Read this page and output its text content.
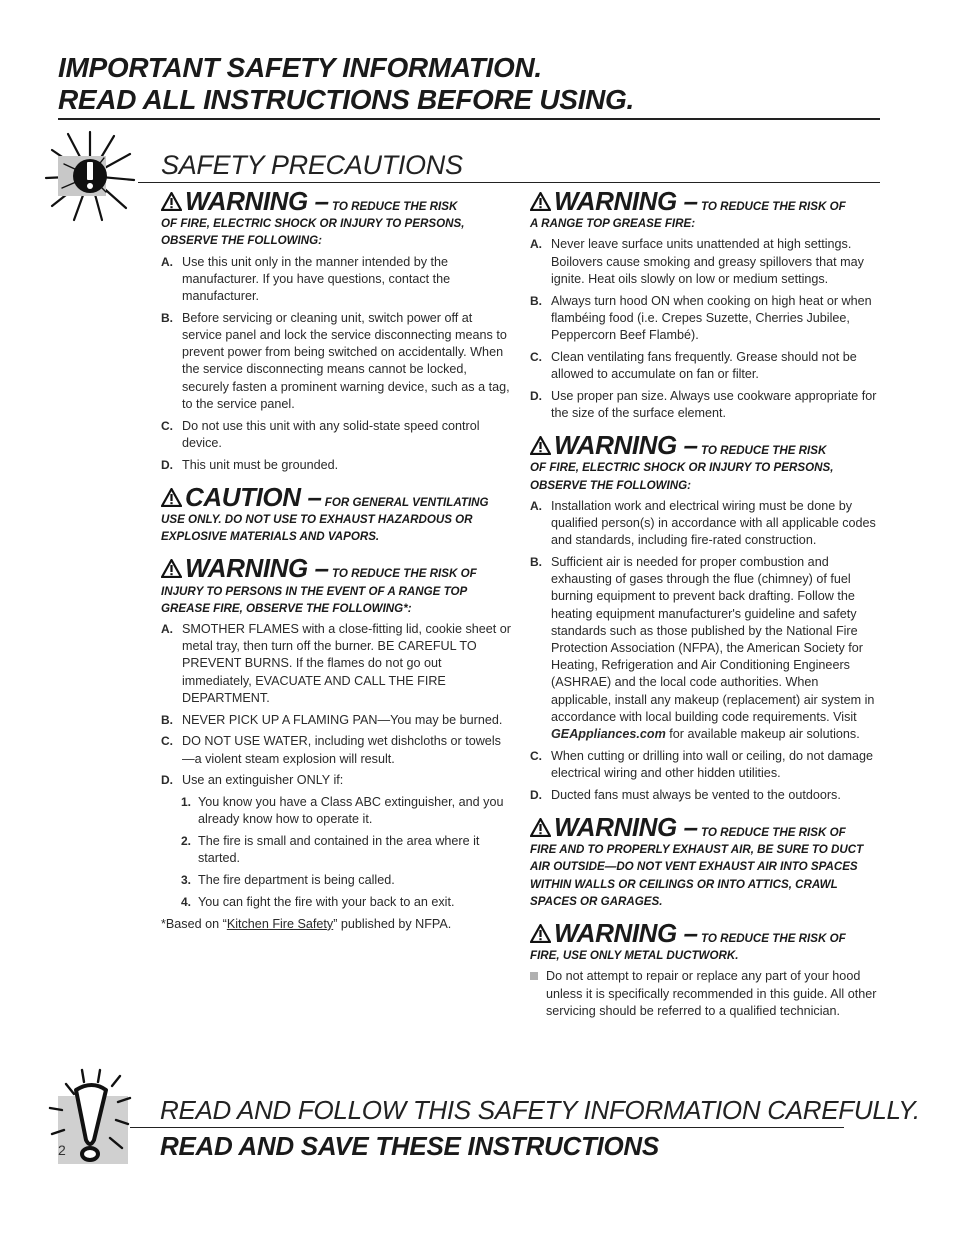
IMPORTANT SAFETY INFORMATION.
READ ALL INSTRUCTIONS BEFORE USING.
SAFETY PRECAUTIONS
WARNING – TO REDUCE THE RISK
OF FIRE, ELECTRIC SHOCK OR INJURY TO PERSONS, OBSERVE THE FOLLOWING:
A. Use this unit only in the manner intended by the manufacturer. If you have questions, contact the manufacturer.
B. Before servicing or cleaning unit, switch power off at service panel and lock the service disconnecting means to prevent power from being switched on accidentally. When the service disconnecting means cannot be locked, securely fasten a prominent warning device, such as a tag, to the service panel.
C. Do not use this unit with any solid-state speed control device.
D. This unit must be grounded.
CAUTION – FOR GENERAL VENTILATING
USE ONLY. DO NOT USE TO EXHAUST HAZARDOUS OR EXPLOSIVE MATERIALS AND VAPORS.
WARNING – TO REDUCE THE RISK OF
INJURY TO PERSONS IN THE EVENT OF A RANGE TOP GREASE FIRE, OBSERVE THE FOLLOWING*:
A. SMOTHER FLAMES with a close-fitting lid, cookie sheet or metal tray, then turn off the burner. BE CAREFUL TO PREVENT BURNS. If the flames do not go out immediately, EVACUATE AND CALL THE FIRE DEPARTMENT.
B. NEVER PICK UP A FLAMING PAN—You may be burned.
C. DO NOT USE WATER, including wet dishcloths or towels—a violent steam explosion will result.
D. Use an extinguisher ONLY if:
1. You know you have a Class ABC extinguisher, and you already know how to operate it.
2. The fire is small and contained in the area where it started.
3. The fire department is being called.
4. You can fight the fire with your back to an exit.
*Based on “Kitchen Fire Safety” published by NFPA.
WARNING – TO REDUCE THE RISK OF
A RANGE TOP GREASE FIRE:
A. Never leave surface units unattended at high settings. Boilovers cause smoking and greasy spillovers that may ignite. Heat oils slowly on low or medium settings.
B. Always turn hood ON when cooking on high heat or when flambéing food (i.e. Crepes Suzette, Cherries Jubilee, Peppercorn Beef Flambé).
C. Clean ventilating fans frequently. Grease should not be allowed to accumulate on fan or filter.
D. Use proper pan size. Always use cookware appropriate for the size of the surface element.
WARNING – TO REDUCE THE RISK
OF FIRE, ELECTRIC SHOCK OR INJURY TO PERSONS, OBSERVE THE FOLLOWING:
A. Installation work and electrical wiring must be done by qualified person(s) in accordance with all applicable codes and standards, including fire-rated construction.
B. Sufficient air is needed for proper combustion and exhausting of gases through the flue (chimney) of fuel burning equipment to prevent back drafting. Follow the heating equipment manufacturer's guideline and safety standards such as those published by the National Fire Protection Association (NFPA), the American Society for Heating, Refrigeration and Air Conditioning Engineers (ASHRAE) and the local code authorities. When applicable, install any makeup (replacement) air system in accordance with local building code requirements. Visit GEAppliances.com for available makeup air solutions.
C. When cutting or drilling into wall or ceiling, do not damage electrical wiring and other hidden utilities.
D. Ducted fans must always be vented to the outdoors.
WARNING – TO REDUCE THE RISK OF
FIRE AND TO PROPERLY EXHAUST AIR, BE SURE TO DUCT AIR OUTSIDE—DO NOT VENT EXHAUST AIR INTO SPACES WITHIN WALLS OR CEILINGS OR INTO ATTICS, CRAWL SPACES OR GARAGES.
WARNING – TO REDUCE THE RISK OF
FIRE, USE ONLY METAL DUCTWORK.
Do not attempt to repair or replace any part of your hood unless it is specifically recommended in this guide. All other servicing should be referred to a qualified technician.
2
READ AND FOLLOW THIS SAFETY INFORMATION CAREFULLY.
READ AND SAVE THESE INSTRUCTIONS
